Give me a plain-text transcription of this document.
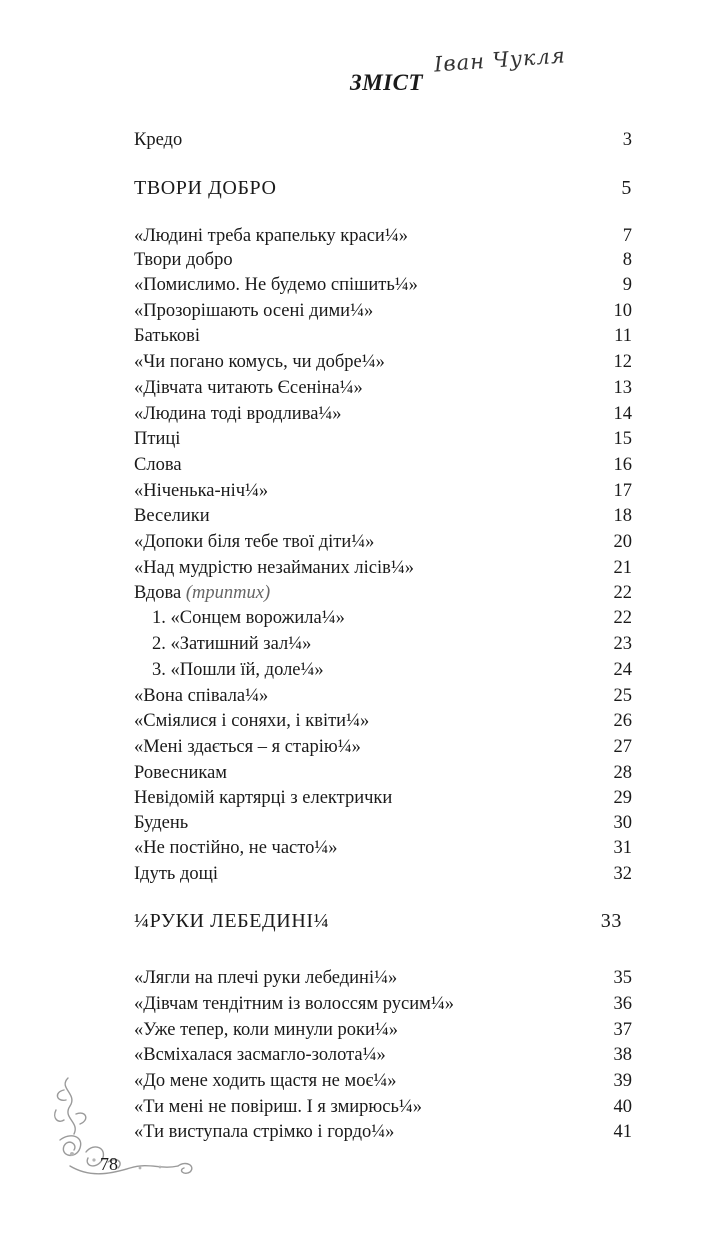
ЗМІСТ
Іван Чукля
Кредо	3
ТВОРИ ДОБРО	5
«Людині треба крапельку краси¼»	7
Твори добро	8
«Помислимо. Не будемо спішить¼»	9
«Прозорішають осені дими¼»	10
Батькові	11
«Чи погано комусь, чи добре¼»	12
«Дівчата читають Єсеніна¼»	13
«Людина тоді вродлива¼»	14
Птиці	15
Слова	16
«Ніченька-ніч¼»	17
Веселики	18
«Допоки біля тебе твої діти¼»	20
«Над мудрістю незайманих лісів¼»	21
Вдова (триптих)	22
1. «Сонцем ворожила¼»	22
2. «Затишний зал¼»	23
3. «Пошли їй, доле¼»	24
«Вона співала¼»	25
«Сміялися і соняхи, і квіти¼»	26
«Мені здається – я старію¼»	27
Ровесникам	28
Невідомій картярці з електрички	29
Будень	30
«Не постійно, не часто¼»	31
Ідуть дощі	32
¼РУКИ ЛЕБЕДИНІ¼	33
«Лягли на плечі руки лебедині¼»	35
«Дівчам тендітним із волоссям русим¼»	36
«Уже тепер, коли минули роки¼»	37
«Всміхалася засмагло-золота¼»	38
«До мене ходить щастя не моє¼»	39
«Ти мені не повіриш. І я змирюсь¼»	40
«Ти виступала стрімко і гордо¼»	41
78
